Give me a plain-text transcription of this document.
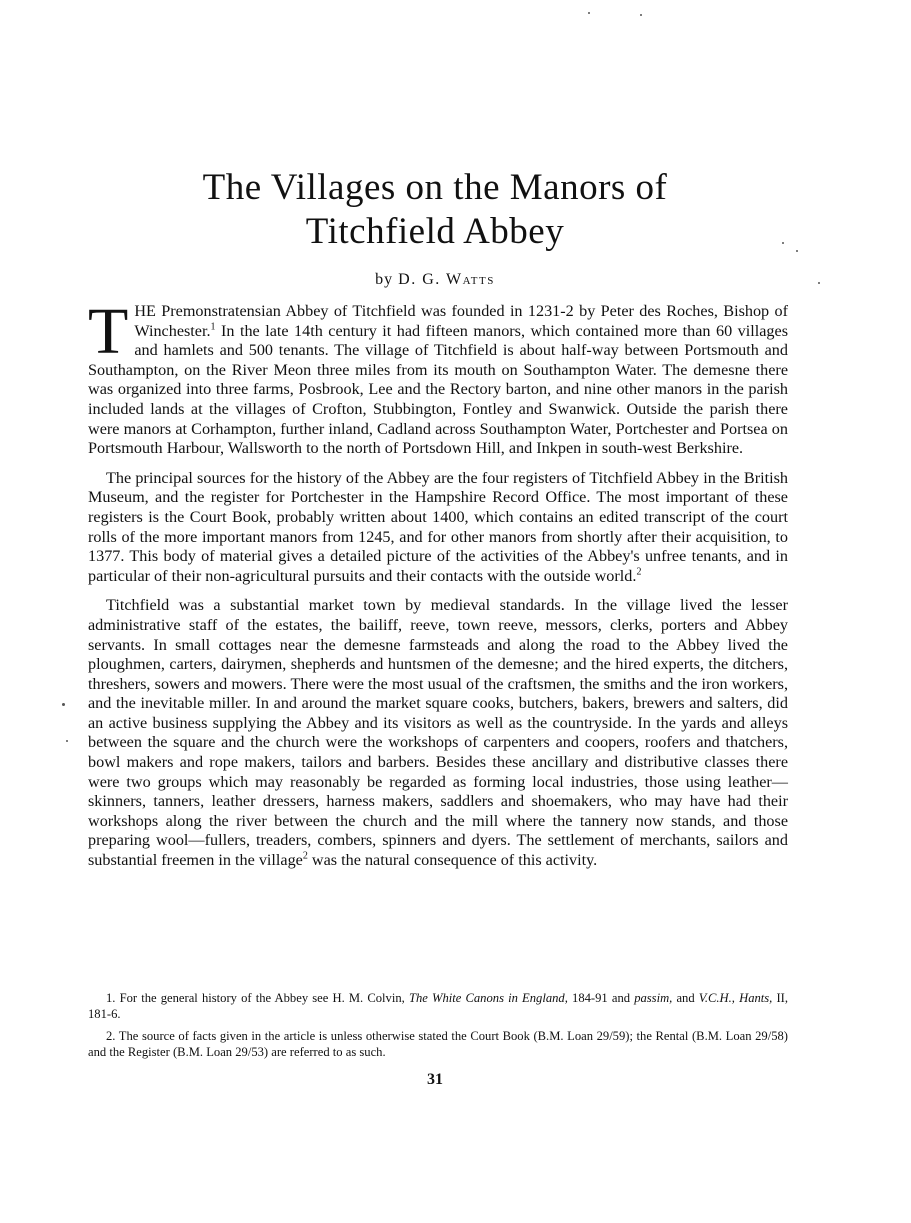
The Villages on the Manors of
Titchfield Abbey
by D. G. Watts

THE Premonstratensian Abbey of Titchfield was founded in 1231-2 by Peter des Roches, Bishop of Winchester.$^1$ In the late 14th century it had fifteen manors, which contained more than 60 villages and hamlets and 500 tenants. The village of Titchfield is about half-way between Portsmouth and Southampton, on the River Meon three miles from its mouth on Southampton Water. The demesne there was organized into three farms, Posbrook, Lee and the Rectory barton, and nine other manors in the parish included lands at the villages of Crofton, Stubbington, Fontley and Swanwick. Outside the parish there were manors at Corhampton, further inland, Cadland across Southampton Water, Portchester and Portsea on Portsmouth Harbour, Wallsworth to the north of Portsdown Hill, and Inkpen in south-west Berkshire.

The principal sources for the history of the Abbey are the four registers of Titchfield Abbey in the British Museum, and the register for Portchester in the Hampshire Record Office. The most important of these registers is the Court Book, probably written about 1400, which contains an edited transcript of the court rolls of the more important manors from 1245, and for other manors from shortly after their acquisition, to 1377. This body of material gives a detailed picture of the activities of the Abbey's unfree tenants, and in particular of their non-agricultural pursuits and their contacts with the outside world.$^2$

Titchfield was a substantial market town by medieval standards. In the village lived the lesser administrative staff of the estates, the bailiff, reeve, town reeve, messors, clerks, porters and Abbey servants. In small cottages near the demesne farmsteads and along the road to the Abbey lived the ploughmen, carters, dairymen, shepherds and huntsmen of the demesne; and the hired experts, the ditchers, threshers, sowers and mowers. There were the most usual of the craftsmen, the smiths and the iron workers, and the inevitable miller. In and around the market square cooks, butchers, bakers, brewers and salters, did an active business supplying the Abbey and its visitors as well as the countryside. In the yards and alleys between the square and the church were the workshops of carpenters and coopers, roofers and thatchers, bowl makers and rope makers, tailors and barbers. Besides these ancillary and distributive classes there were two groups which may reasonably be regarded as forming local industries, those using leather—skinners, tanners, leather dressers, harness makers, saddlers and shoemakers, who may have had their workshops along the river between the church and the mill where the tannery now stands, and those preparing wool—fullers, treaders, combers, spinners and dyers. The settlement of merchants, sailors and substantial freemen in the village$^2$ was the natural consequence of this activity.

1. For the general history of the Abbey see H. M. Colvin, The White Canons in England, 184-91 and passim, and V.C.H., Hants, II, 181-6.

2. The source of facts given in the article is unless otherwise stated the Court Book (B.M. Loan 29/59); the Rental (B.M. Loan 29/58) and the Register (B.M. Loan 29/53) are referred to as such.

31
